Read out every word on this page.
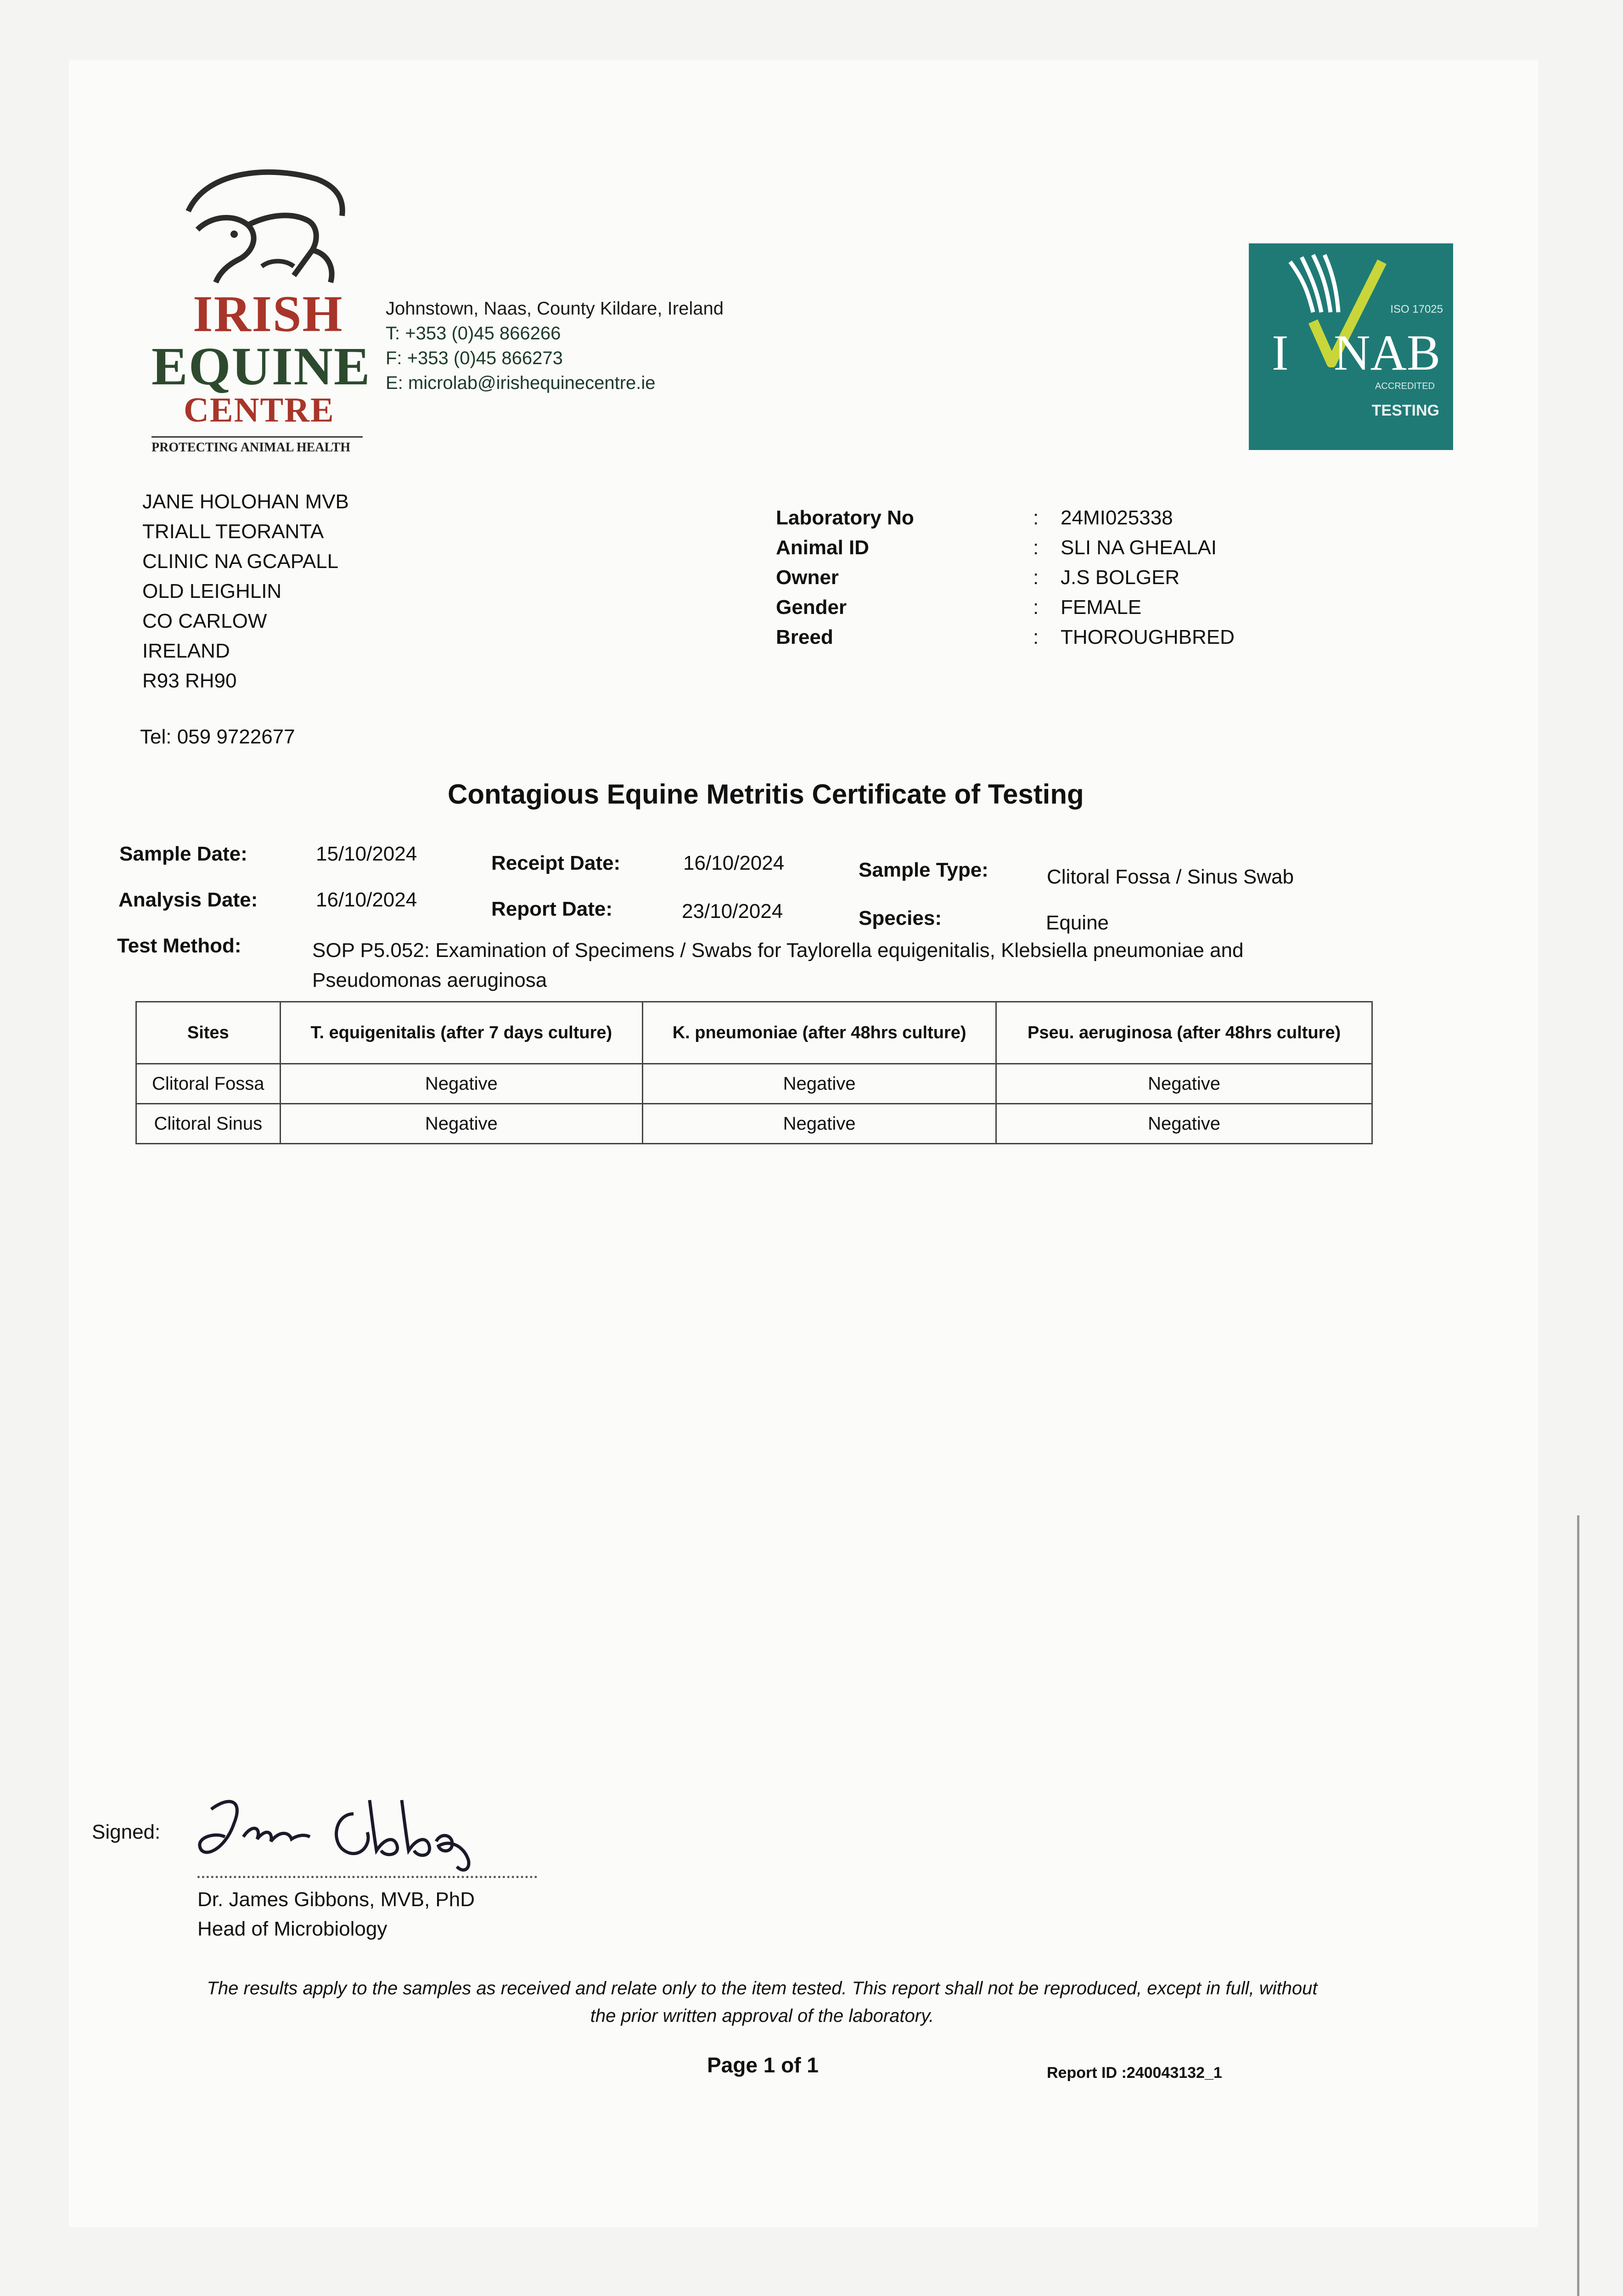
IRISH
EQUINE
CENTRE
PROTECTING ANIMAL HEALTH
Johnstown, Naas, County Kildare, Ireland
T: +353 (0)45 866266
F: +353 (0)45 866273
E: microlab@irishequinecentre.ie
ISO 17025
I NAB
ACCREDITED
TESTING
DETAILED IN SCOPE REG NO 151T
JANE HOLOHAN MVB
TRIALL TEORANTA
CLINIC NA GCAPALL
OLD LEIGHLIN
CO CARLOW
IRELAND
R93 RH90
Tel: 059 9722677
Laboratory No	:	24MI025338
Animal ID	:	SLI NA GHEALAI
Owner	:	J.S BOLGER
Gender	:	FEMALE
Breed	:	THOROUGHBRED
Contagious Equine Metritis Certificate of Testing
Sample Date:	15/10/2024	Receipt Date:	16/10/2024	Sample Type:	Clitoral Fossa / Sinus Swab
Analysis Date:	16/10/2024	Report Date:	23/10/2024	Species:	Equine
Test Method:	SOP P5.052: Examination of Specimens / Swabs for Taylorella equigenitalis, Klebsiella pneumoniae and
Pseudomonas aeruginosa
Sites	T. equigenitalis (after 7 days culture)	K. pneumoniae (after 48hrs culture)	Pseu. aeruginosa (after 48hrs culture)
Clitoral Fossa	Negative	Negative	Negative
Clitoral Sinus	Negative	Negative	Negative
Signed:
Dr. James Gibbons, MVB, PhD
Head of Microbiology
The results apply to the samples as received and relate only to the item tested. This report shall not be reproduced, except in full, without
the prior written approval of the laboratory.
Page 1 of 1	Report ID :240043132_1
